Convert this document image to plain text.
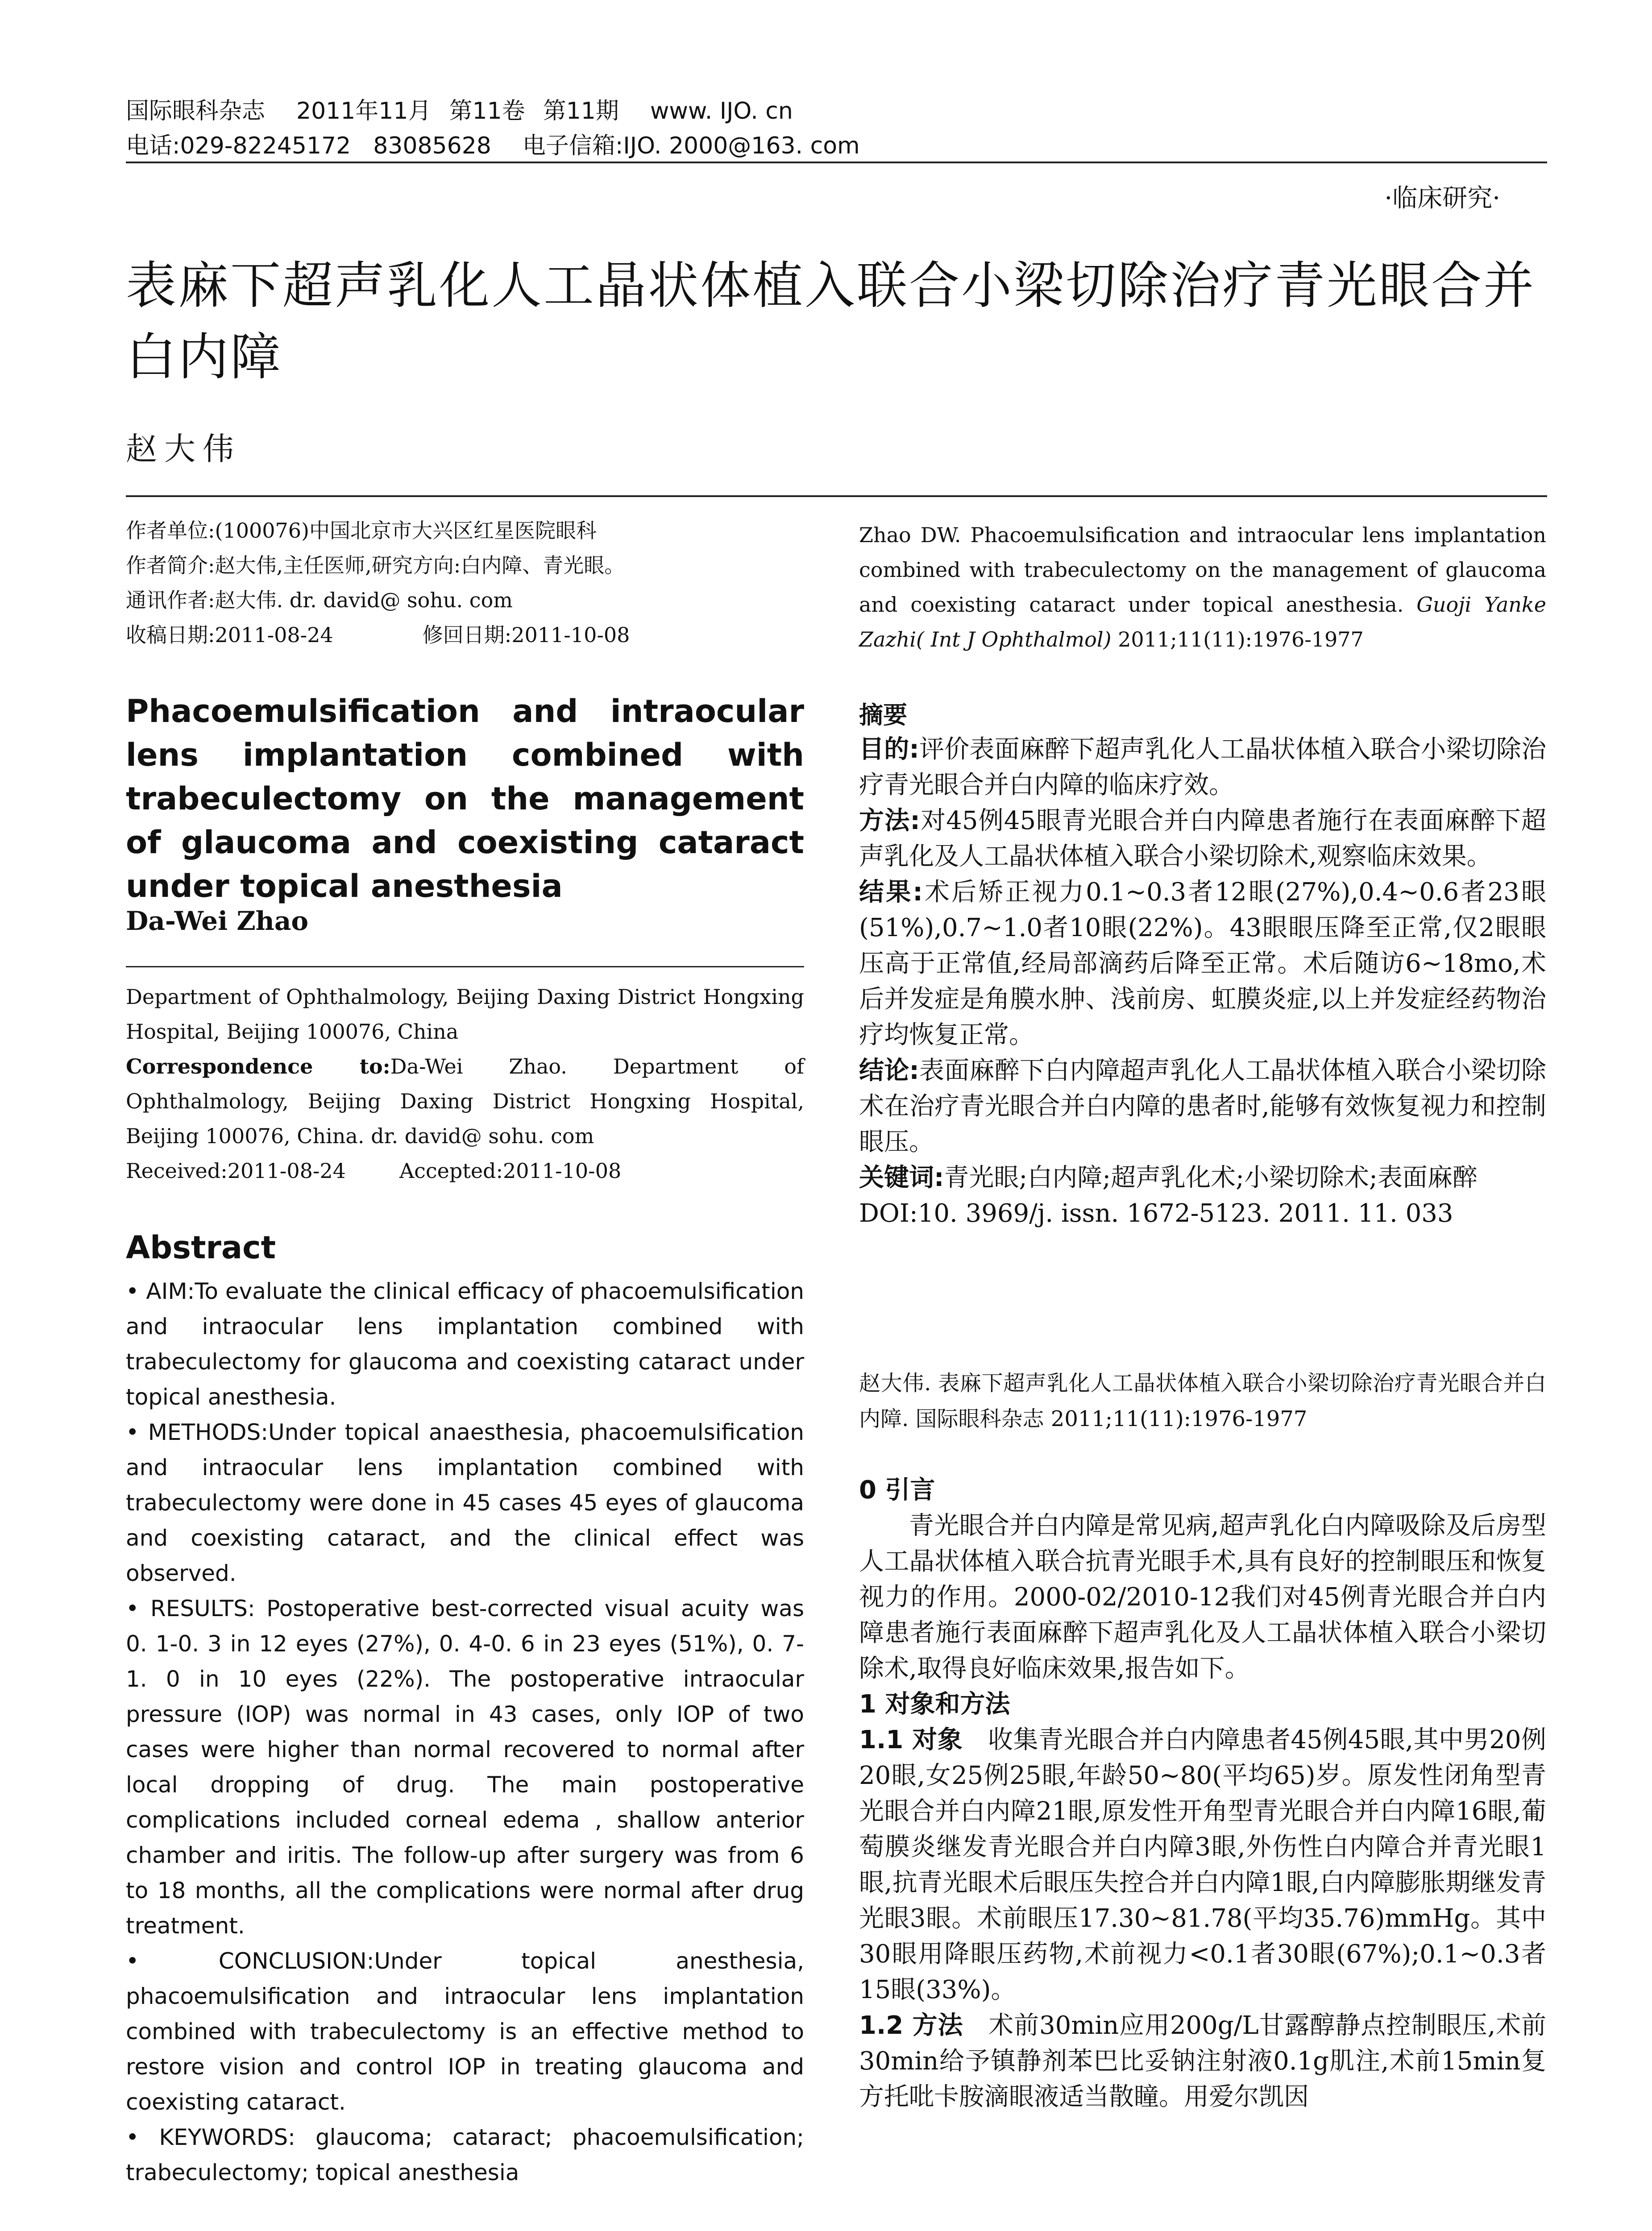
国际眼科杂志 2011年11月 第11卷 第11期 www. IJO. cn
电话:029-82245172 83085628 电子信箱:IJO. 2000@163. com
·临床研究·
表麻下超声乳化人工晶状体植入联合小梁切除治疗青光眼合并白内障
赵大伟
作者单位:(100076)中国北京市大兴区红星医院眼科
作者简介:赵大伟,主任医师,研究方向:白内障、青光眼。
通讯作者:赵大伟. dr. david@ sohu. com
收稿日期:2011-08-24	修回日期:2011-10-08
Zhao DW. Phacoemulsification and intraocular lens implantation combined with trabeculectomy on the management of glaucoma and coexisting cataract under topical anesthesia. Guoji Yanke Zazhi( Int J Ophthalmol) 2011;11(11):1976-1977
Phacoemulsification and intraocular lens implantation combined with trabeculectomy on the management of glaucoma and coexisting cataract under topical anesthesia
Da-Wei Zhao
Department of Ophthalmology, Beijing Daxing District Hongxing Hospital, Beijing 100076, China
Correspondence to:Da-Wei Zhao. Department of Ophthalmology, Beijing Daxing District Hongxing Hospital, Beijing 100076, China. dr. david@ sohu. com
Received:2011-08-24	Accepted:2011-10-08
Abstract

• AIM:To evaluate the clinical efficacy of phacoemulsification and intraocular lens implantation combined with trabeculectomy for glaucoma and coexisting cataract under topical anesthesia.

• METHODS:Under topical anaesthesia, phacoemulsification and intraocular lens implantation combined with trabeculectomy were done in 45 cases 45 eyes of glaucoma and coexisting cataract, and the clinical effect was observed.

• RESULTS: Postoperative best-corrected visual acuity was 0. 1-0. 3 in 12 eyes (27%), 0. 4-0. 6 in 23 eyes (51%), 0. 7-1. 0 in 10 eyes (22%). The postoperative intraocular pressure (IOP) was normal in 43 cases, only IOP of two cases were higher than normal recovered to normal after local dropping of drug. The main postoperative complications included corneal edema , shallow anterior chamber and iritis. The follow-up after surgery was from 6 to 18 months, all the complications were normal after drug treatment.

• CONCLUSION:Under topical anesthesia, phacoemulsification and intraocular lens implantation combined with trabeculectomy is an effective method to restore vision and control IOP in treating glaucoma and coexisting cataract.

• KEYWORDS: glaucoma; cataract; phacoemulsification; trabeculectomy; topical anesthesia

摘要

目的:评价表面麻醉下超声乳化人工晶状体植入联合小梁切除治疗青光眼合并白内障的临床疗效。

方法:对45例45眼青光眼合并白内障患者施行在表面麻醉下超声乳化及人工晶状体植入联合小梁切除术,观察临床效果。

结果:术后矫正视力0.1~0.3者12眼(27%),0.4~0.6者23眼(51%),0.7~1.0者10眼(22%)。43眼眼压降至正常,仅2眼眼压高于正常值,经局部滴药后降至正常。术后随访6~18mo,术后并发症是角膜水肿、浅前房、虹膜炎症,以上并发症经药物治疗均恢复正常。

结论:表面麻醉下白内障超声乳化人工晶状体植入联合小梁切除术在治疗青光眼合并白内障的患者时,能够有效恢复视力和控制眼压。

关键词:青光眼;白内障;超声乳化术;小梁切除术;表面麻醉

DOI:10. 3969/j. issn. 1672-5123. 2011. 11. 033

赵大伟. 表麻下超声乳化人工晶状体植入联合小梁切除治疗青光眼合并白内障. 国际眼科杂志 2011;11(11):1976-1977
0 引言

青光眼合并白内障是常见病,超声乳化白内障吸除及后房型人工晶状体植入联合抗青光眼手术,具有良好的控制眼压和恢复视力的作用。2000-02/2010-12我们对45例青光眼合并白内障患者施行表面麻醉下超声乳化及人工晶状体植入联合小梁切除术,取得良好临床效果,报告如下。

1 对象和方法

1.1 对象　 收集青光眼合并白内障患者45例45眼,其中男20例20眼,女25例25眼,年龄50~80(平均65)岁。原发性闭角型青光眼合并白内障21眼,原发性开角型青光眼合并白内障16眼,葡萄膜炎继发青光眼合并白内障3眼,外伤性白内障合并青光眼1眼,抗青光眼术后眼压失控合并白内障1眼,白内障膨胀期继发青光眼3眼。术前眼压17.30~81.78(平均35.76)mmHg。其中30眼用降眼压药物,术前视力<0.1者30眼(67%);0.1~0.3者15眼(33%)。

1.2 方法　 术前30min应用200g/L甘露醇静点控制眼压,术前30min给予镇静剂苯巴比妥钠注射液0.1g肌注,术前15min复方托吡卡胺滴眼液适当散瞳。用爱尔凯因
